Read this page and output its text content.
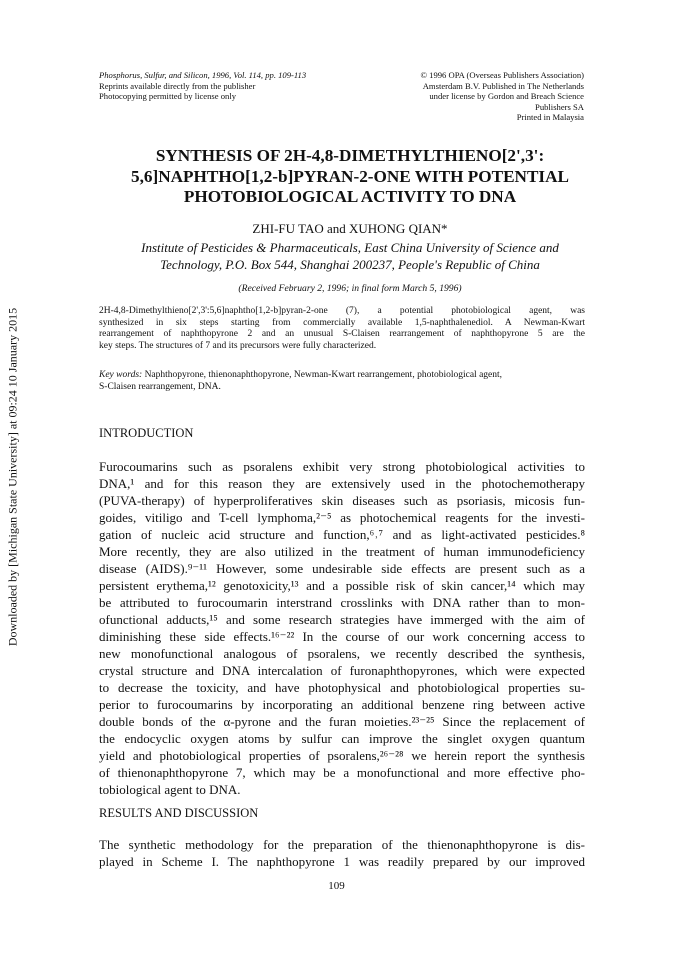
Downloaded by [Michigan State University] at 09:24 10 January 2015
Phosphorus, Sulfur, and Silicon, 1996, Vol. 114, pp. 109-113
Reprints available directly from the publisher
Photocopying permitted by license only
© 1996 OPA (Overseas Publishers Association)
Amsterdam B.V. Published in The Netherlands
under license by Gordon and Breach Science
Publishers SA
Printed in Malaysia
SYNTHESIS OF 2H-4,8-DIMETHYLTHIENO[2',3':
5,6]NAPHTHO[1,2-b]PYRAN-2-ONE WITH POTENTIAL
PHOTOBIOLOGICAL ACTIVITY TO DNA
ZHI-FU TAO and XUHONG QIAN*
Institute of Pesticides & Pharmaceuticals, East China University of Science and
Technology, P.O. Box 544, Shanghai 200237, People's Republic of China
(Received February 2, 1996; in final form March 5, 1996)
2H-4,8-Dimethylthieno[2',3':5,6]naphtho[1,2-b]pyran-2-one (7), a potential photobiological agent, was
synthesized in six steps starting from commercially available 1,5-naphthalenediol. A Newman-Kwart
rearrangement of naphthopyrone 2 and an unusual S-Claisen rearrangement of naphthopyrone 5 are the
key steps. The structures of 7 and its precursors were fully characterized.
Key words: Naphthopyrone, thienonaphthopyrone, Newman-Kwart rearrangement, photobiological agent,
S-Claisen rearrangement, DNA.
INTRODUCTION
Furocoumarins such as psoralens exhibit very strong photobiological activities to
DNA,¹ and for this reason they are extensively used in the photochemotherapy
(PUVA-therapy) of hyperproliferatives skin diseases such as psoriasis, micosis fun-
goides, vitiligo and T-cell lymphoma,²⁻⁵ as photochemical reagents for the investi-
gation of nucleic acid structure and function,⁶˒⁷ and as light-activated pesticides.⁸
More recently, they are also utilized in the treatment of human immunodeficiency
disease (AIDS).⁹⁻¹¹ However, some undesirable side effects are present such as a
persistent erythema,¹² genotoxicity,¹³ and a possible risk of skin cancer,¹⁴ which may
be attributed to furocoumarin interstrand crosslinks with DNA rather than to mon-
ofunctional adducts,¹⁵ and some research strategies have immerged with the aim of
diminishing these side effects.¹⁶⁻²² In the course of our work concerning access to
new monofunctional analogous of psoralens, we recently described the synthesis,
crystal structure and DNA intercalation of furonaphthopyrones, which were expected
to decrease the toxicity, and have photophysical and photobiological properties su-
perior to furocoumarins by incorporating an additional benzene ring between active
double bonds of the α-pyrone and the furan moieties.²³⁻²⁵ Since the replacement of
the endocyclic oxygen atoms by sulfur can improve the singlet oxygen quantum
yield and photobiological properties of psoralens,²⁶⁻²⁸ we herein report the synthesis
of thienonaphthopyrone 7, which may be a monofunctional and more effective pho-
tobiological agent to DNA.
RESULTS AND DISCUSSION
The synthetic methodology for the preparation of the thienonaphthopyrone is dis-
played in Scheme I. The naphthopyrone 1 was readily prepared by our improved
109
